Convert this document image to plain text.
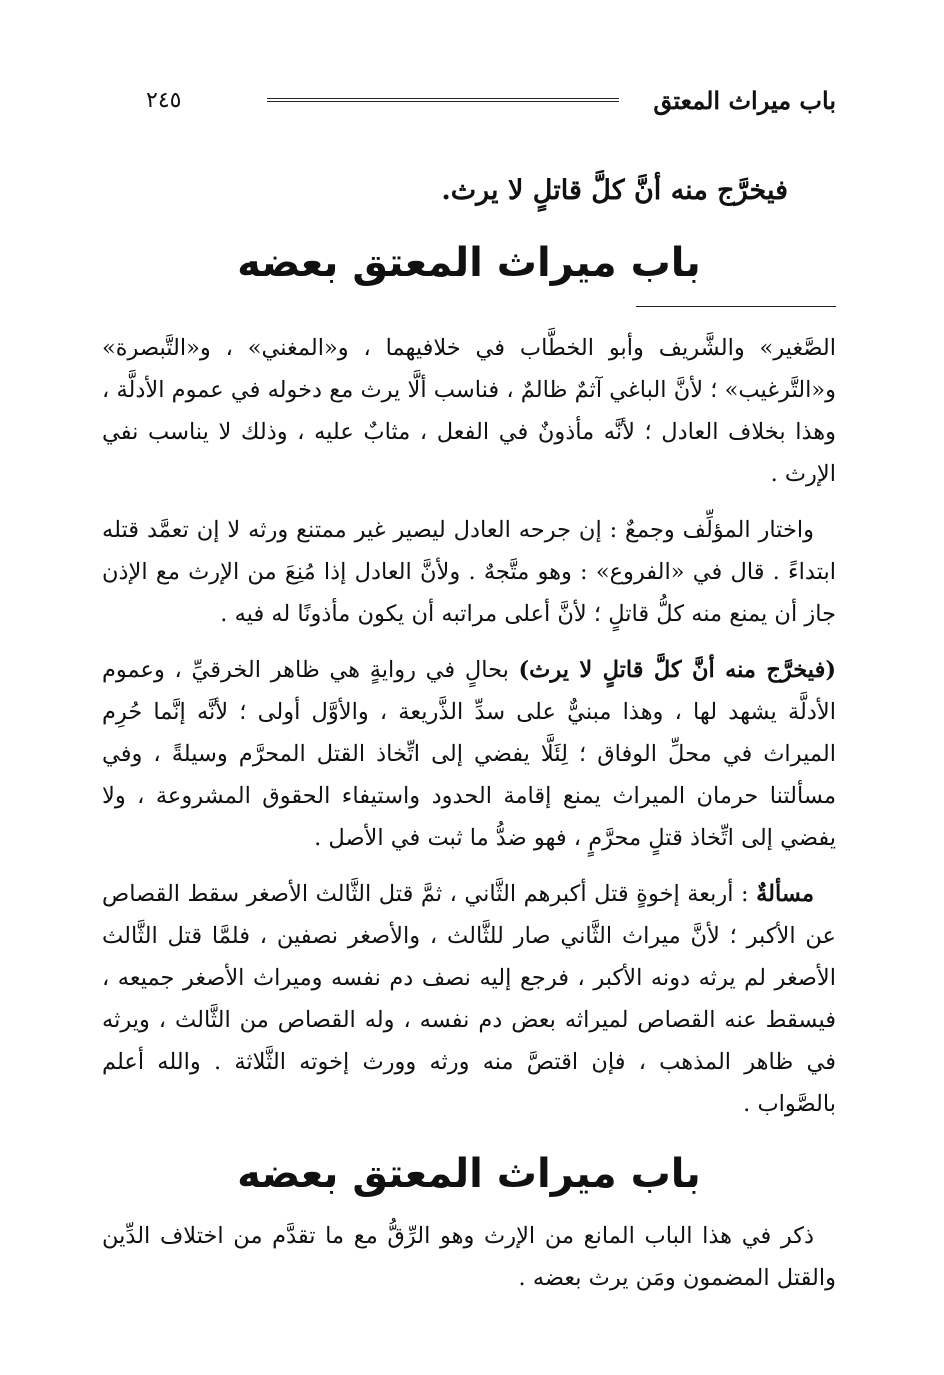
باب ميراث المعتق
٢٤٥
فيخرَّج منه أنَّ كلَّ قاتلٍ لا يرث.
باب ميراث المعتق بعضه

الصَّغير» والشَّريف وأبو الخطَّاب في خلافيهما ، و«المغني» ، و«التَّبصرة» و«التَّرغيب» ؛ لأنَّ الباغي آثمٌ ظالمٌ ، فناسب ألَّا يرث مع دخوله في عموم الأدلَّة ، وهذا بخلاف العادل ؛ لأنَّه مأذونٌ في الفعل ، مثابٌ عليه ، وذلك لا يناسب نفي الإرث .

واختار المؤلِّف وجمعٌ : إن جرحه العادل ليصير غير ممتنع ورثه لا إن تعمَّد قتله ابتداءً . قال في «الفروع» : وهو متَّجهٌ . ولأنَّ العادل إذا مُنِعَ من الإرث مع الإذن جاز أن يمنع منه كلُّ قاتلٍ ؛ لأنَّ أعلى مراتبه أن يكون مأذونًا له فيه .

(فيخرَّج منه أنَّ كلَّ قاتلٍ لا يرث) بحالٍ في روايةٍ هي ظاهر الخرقيِّ ، وعموم الأدلَّة يشهد لها ، وهذا مبنيٌّ على سدِّ الذَّريعة ، والأوَّل أولى ؛ لأنَّه إنَّما حُرِم الميراث في محلِّ الوفاق ؛ لِئَلَّا يفضي إلى اتِّخاذ القتل المحرَّم وسيلةً ، وفي مسألتنا حرمان الميراث يمنع إقامة الحدود واستيفاء الحقوق المشروعة ، ولا يفضي إلى اتِّخاذ قتلٍ محرَّمٍ ، فهو ضدُّ ما ثبت في الأصل .

مسألةٌ : أربعة إخوةٍ قتل أكبرهم الثَّاني ، ثمَّ قتل الثَّالث الأصغر سقط القصاص عن الأكبر ؛ لأنَّ ميراث الثَّاني صار للثَّالث ، والأصغر نصفين ، فلمَّا قتل الثَّالث الأصغر لم يرثه دونه الأكبر ، فرجع إليه نصف دم نفسه وميراث الأصغر جميعه ، فيسقط عنه القصاص لميراثه بعض دم نفسه ، وله القصاص من الثَّالث ، ويرثه في ظاهر المذهب ، فإن اقتصَّ منه ورثه وورث إخوته الثَّلاثة . والله أعلم بالصَّواب .

باب ميراث المعتق بعضه

ذكر في هذا الباب المانع من الإرث وهو الرِّقُّ مع ما تقدَّم من اختلاف الدِّين والقتل المضمون ومَن يرث بعضه .
